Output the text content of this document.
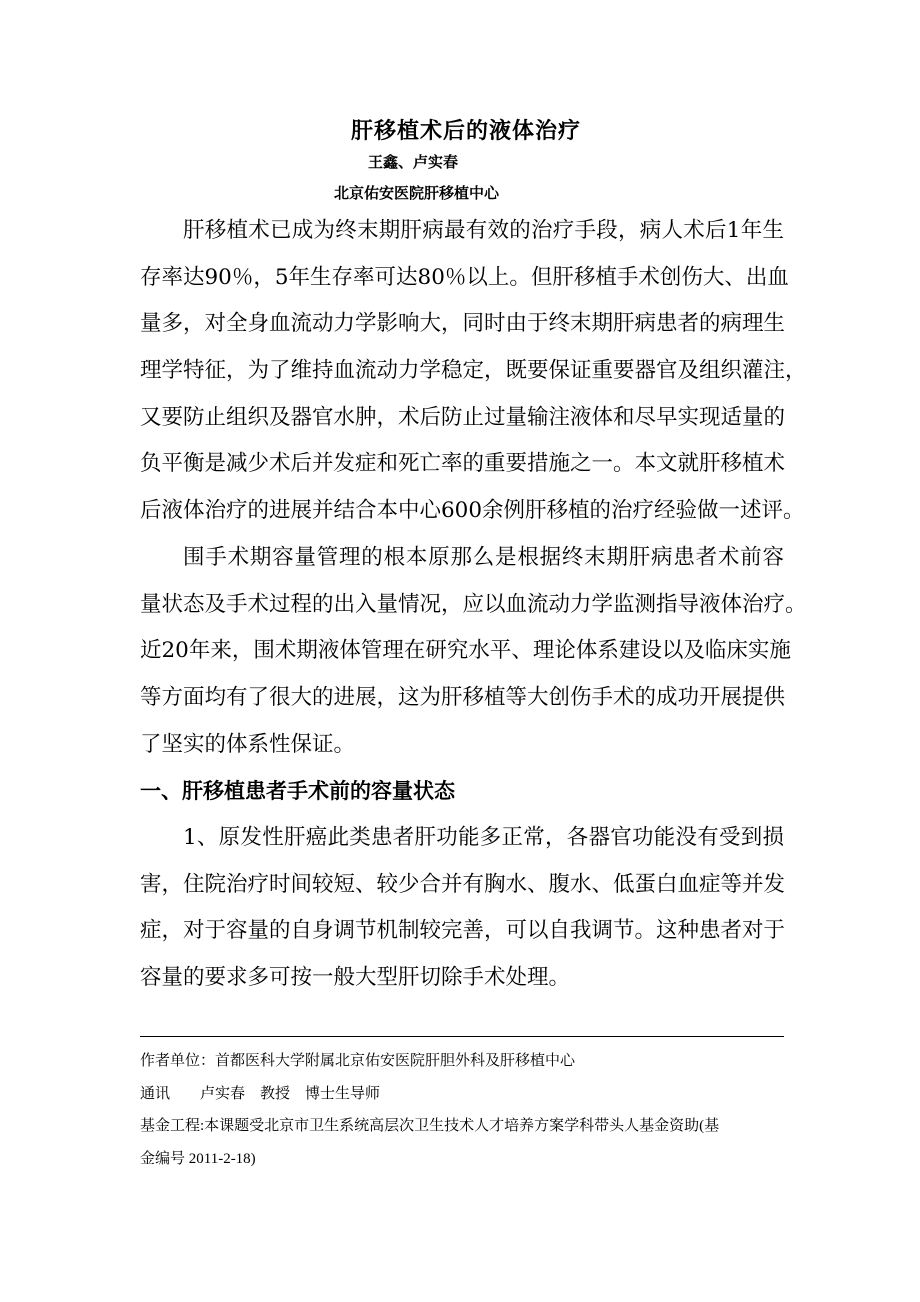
肝移植术后的液体治疗
王鑫、卢实春
北京佑安医院肝移植中心
肝移植术已成为终末期肝病最有效的治疗手段，病人术后1年生
存率达90％，5年生存率可达80％以上。但肝移植手术创伤大、出血
量多，对全身血流动力学影响大，同时由于终末期肝病患者的病理生
理学特征，为了维持血流动力学稳定，既要保证重要器官及组织灌注，
又要防止组织及器官水肿，术后防止过量输注液体和尽早实现适量的
负平衡是减少术后并发症和死亡率的重要措施之一。本文就肝移植术
后液体治疗的进展并结合本中心600余例肝移植的治疗经验做一述评。
围手术期容量管理的根本原那么是根据终末期肝病患者术前容
量状态及手术过程的出入量情况，应以血流动力学监测指导液体治疗。
近20年来，围术期液体管理在研究水平、理论体系建设以及临床实施
等方面均有了很大的进展，这为肝移植等大创伤手术的成功开展提供
了坚实的体系性保证。
一、肝移植患者手术前的容量状态
1、原发性肝癌此类患者肝功能多正常，各器官功能没有受到损
害，住院治疗时间较短、较少合并有胸水、腹水、低蛋白血症等并发
症，对于容量的自身调节机制较完善，可以自我调节。这种患者对于
容量的要求多可按一般大型肝切除手术处理。
作者单位：首都医科大学附属北京佑安医院肝胆外科及肝移植中心
通讯　　卢实春　教授　博士生导师
基金工程:本课题受北京市卫生系统高层次卫生技术人才培养方案学科带头人基金资助(基
金编号 2011-2-18)
